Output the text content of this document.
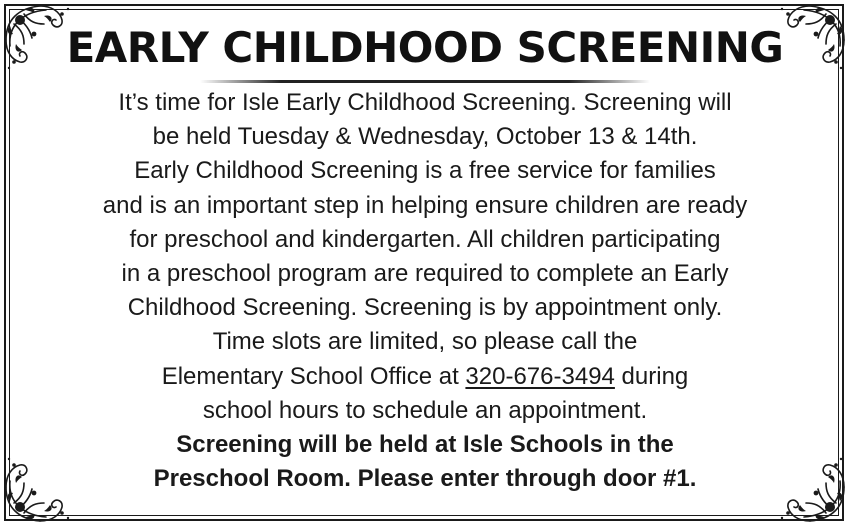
EARLY CHILDHOOD SCREENING

It’s time for Isle Early Childhood Screening. Screening will
be held Tuesday & Wednesday, October 13 & 14th.
Early Childhood Screening is a free service for families
and is an important step in helping ensure children are ready
for preschool and kindergarten. All children participating
in a preschool program are required to complete an Early
Childhood Screening. Screening is by appointment only.
Time slots are limited, so please call the
Elementary School Office at 320-676-3494 during
school hours to schedule an appointment.
Screening will be held at Isle Schools in the
Preschool Room. Please enter through door #1.
